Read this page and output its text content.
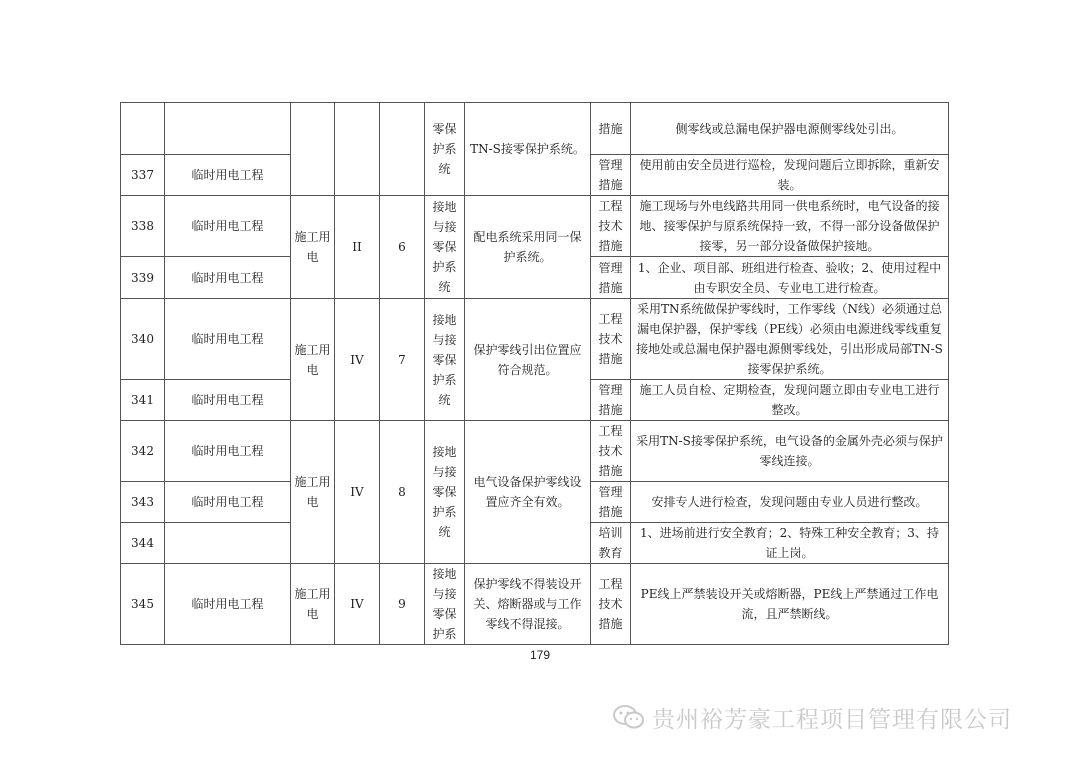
					零保护系统	TN-S接零保护系统。	措施	侧零线或总漏电保护器电源侧零线处引出。
337	临时用电工程						管理措施	使用前由安全员进行巡检，发现问题后立即拆除，重新安装。
338	临时用电工程	施工用电	II	6	接地与接零保护系统	配电系统采用同一保护系统。	工程技术措施	施工现场与外电线路共用同一供电系统时，电气设备的接地、接零保护与原系统保持一致，不得一部分设备做保护接零，另一部分设备做保护接地。
339	临时用电工程						管理措施	1、企业、项目部、班组进行检查、验收；2、使用过程中由专职安全员、专业电工进行检查。
340	临时用电工程	施工用电	IV	7	接地与接零保护系统	保护零线引出位置应符合规范。	工程技术措施	采用TN系统做保护零线时，工作零线（N线）必须通过总漏电保护器，保护零线（PE线）必须由电源进线零线重复接地处或总漏电保护器电源侧零线处，引出形成局部TN-S接零保护系统。
341	临时用电工程						管理措施	施工人员自检、定期检查，发现问题立即由专业电工进行整改。
342	临时用电工程	施工用电	IV	8	接地与接零保护系统	电气设备保护零线设置应齐全有效。	工程技术措施	采用TN-S接零保护系统，电气设备的金属外壳必须与保护零线连接。
343	临时用电工程						管理措施	安排专人进行检查，发现问题由专业人员进行整改。
344							培训教育	1、进场前进行安全教育；2、特殊工种安全教育；3、持证上岗。
345	临时用电工程	施工用电	IV	9	接地与接零保护系	保护零线不得装设开关、熔断器或与工作零线不得混接。	工程技术措施	PE线上严禁装设开关或熔断器，PE线上严禁通过工作电流，且严禁断线。
179
贵州裕芳豪工程项目管理有限公司
